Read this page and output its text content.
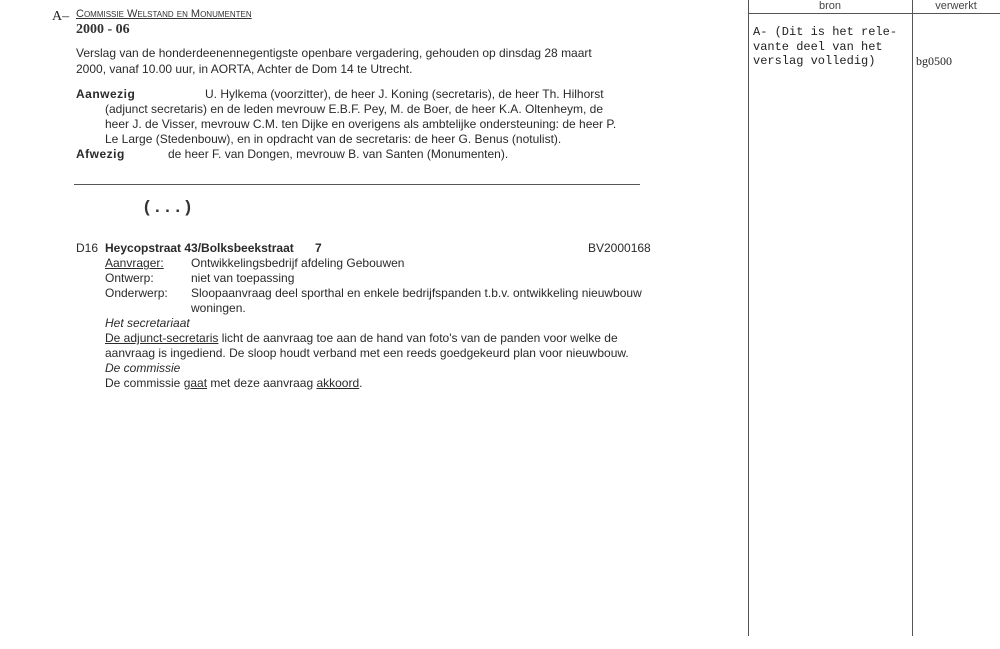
A– Commissie Welstand en Monumenten
2000 - 06
Verslag van de honderdeenennegentigste openbare vergadering, gehouden op dinsdag 28 maart
2000, vanaf 10.00 uur, in AORTA, Achter de Dom 14 te Utrecht.
Aanwezig	U. Hylkema (voorzitter), de heer J. Koning (secretaris), de heer Th. Hilhorst
(adjunct secretaris) en de leden mevrouw E.B.F. Pey, M. de Boer, de heer K.A. Oltenheym, de
heer J. de Visser, mevrouw C.M. ten Dijke en overigens als ambtelijke ondersteuning: de heer P.
Le Large (Stedenbouw), en in opdracht van de secretaris: de heer G. Benus (notulist).
Afwezig	de heer F. van Dongen, mevrouw B. van Santen (Monumenten).
(...)
D16 Heycopstraat 43/Bolksbeekstraat 7	BV2000168
Aanvrager: Ontwikkelingsbedrijf afdeling Gebouwen
Ontwerp:	niet van toepassing
Onderwerp: Sloopaanvraag deel sporthal en enkele bedrijfspanden t.b.v. ontwikkeling nieuwbouw
woningen.
Het secretariaat
De adjunct-secretaris licht de aanvraag toe aan de hand van foto's van de panden voor welke de
aanvraag is ingediend. De sloop houdt verband met een reeds goedgekeurd plan voor nieuwbouw.
De commissie
De commissie gaat met deze aanvraag akkoord.
bron	verwerkt
A- (Dit is het rele-
vante deel van het
verslag volledig)	bg0500
